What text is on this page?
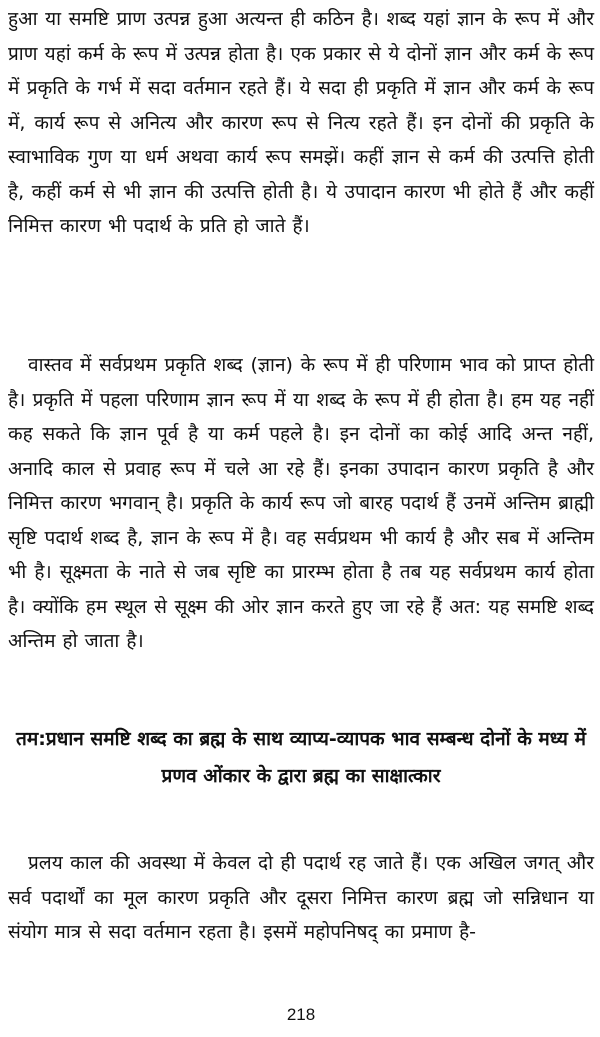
हुआ या समष्टि प्राण उत्पन्न हुआ अत्यन्त ही कठिन है। शब्द यहां ज्ञान के रूप में और प्राण यहां कर्म के रूप में उत्पन्न होता है। एक प्रकार से ये दोनों ज्ञान और कर्म के रूप में प्रकृति के गर्भ में सदा वर्तमान रहते हैं। ये सदा ही प्रकृति में ज्ञान और कर्म के रूप में, कार्य रूप से अनित्य और कारण रूप से नित्य रहते हैं। इन दोनों की प्रकृति के स्वाभाविक गुण या धर्म अथवा कार्य रूप समझें। कहीं ज्ञान से कर्म की उत्पत्ति होती है, कहीं कर्म से भी ज्ञान की उत्पत्ति होती है। ये उपादान कारण भी होते हैं और कहीं निमित्त कारण भी पदार्थ के प्रति हो जाते हैं।

वास्तव में सर्वप्रथम प्रकृति शब्द (ज्ञान) के रूप में ही परिणाम भाव को प्राप्त होती है। प्रकृति में पहला परिणाम ज्ञान रूप में या शब्द के रूप में ही होता है। हम यह नहीं कह सकते कि ज्ञान पूर्व है या कर्म पहले है। इन दोनों का कोई आदि अन्त नहीं, अनादि काल से प्रवाह रूप में चले आ रहे हैं। इनका उपादान कारण प्रकृति है और निमित्त कारण भगवान् है। प्रकृति के कार्य रूप जो बारह पदार्थ हैं उनमें अन्तिम ब्राह्मी सृष्टि पदार्थ शब्द है, ज्ञान के रूप में है। वह सर्वप्रथम भी कार्य है और सब में अन्तिम भी है। सूक्ष्मता के नाते से जब सृष्टि का प्रारम्भ होता है तब यह सर्वप्रथम कार्य होता है। क्योंकि हम स्थूल से सूक्ष्म की ओर ज्ञान करते हुए जा रहे हैं अत: यह समष्टि शब्द अन्तिम हो जाता है।

तम:प्रधान समष्टि शब्द का ब्रह्म के साथ व्याप्य-व्यापक भाव सम्बन्ध दोनों के मध्य में प्रणव ओंकार के द्वारा ब्रह्म का साक्षात्कार

प्रलय काल की अवस्था में केवल दो ही पदार्थ रह जाते हैं। एक अखिल जगत् और सर्व पदार्थों का मूल कारण प्रकृति और दूसरा निमित्त कारण ब्रह्म जो सन्निधान या संयोग मात्र से सदा वर्तमान रहता है। इसमें महोपनिषद् का प्रमाण है-

218
